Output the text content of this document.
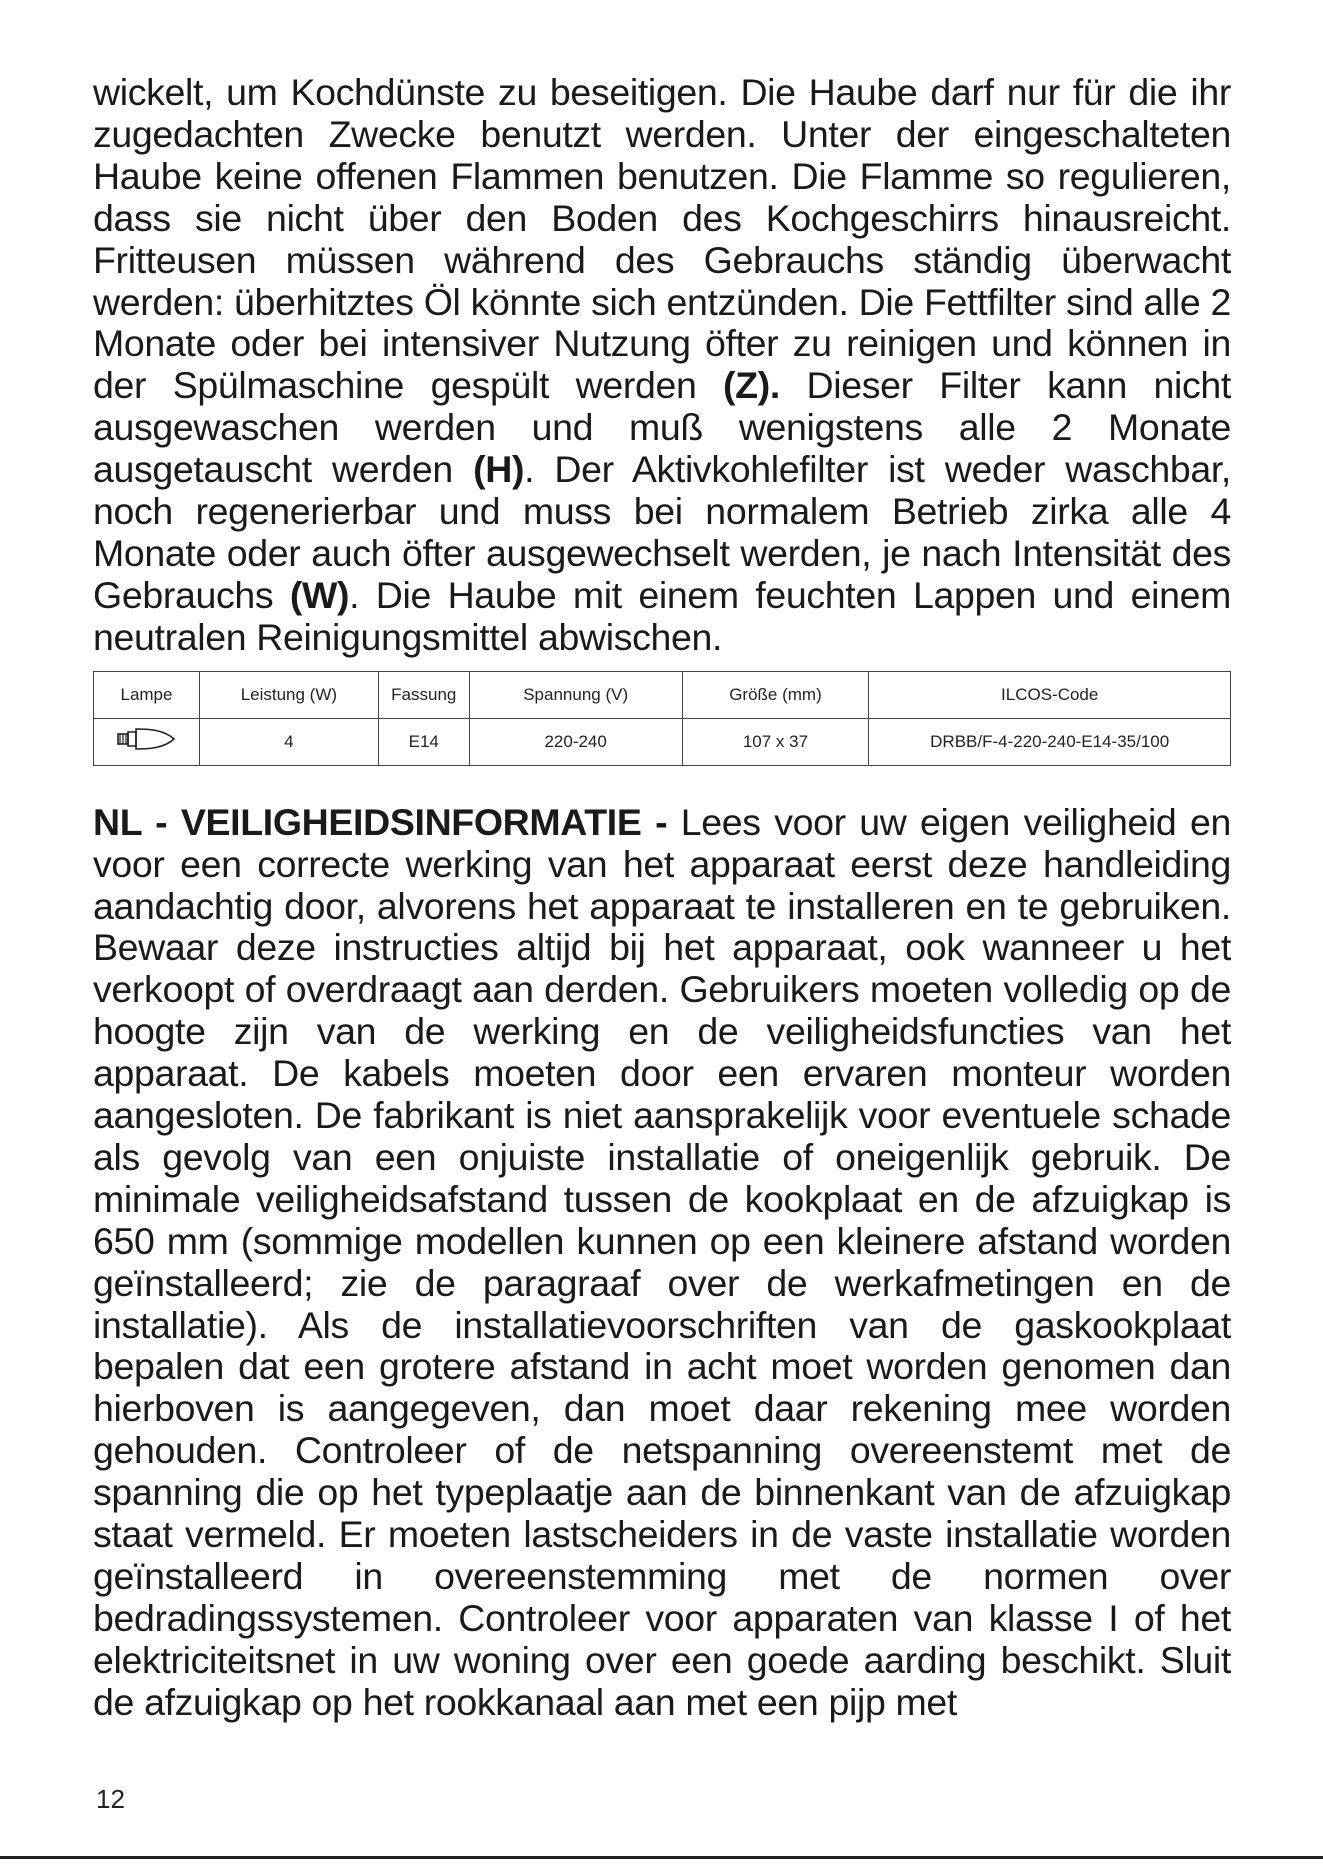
wickelt, um Kochdünste zu beseitigen. Die Haube darf nur für die ihr zugedachten Zwecke benutzt werden. Unter der eingeschalteten Haube keine offenen Flammen benutzen. Die Flamme so regulieren, dass sie nicht über den Boden des Kochgeschirrs hinausreicht. Fritteusen müssen während des Gebrauchs ständig überwacht werden: überhitztes Öl könnte sich entzünden. Die Fettfilter sind alle 2 Monate oder bei intensiver Nutzung öfter zu reinigen und können in der Spülmaschine gespült werden (Z). Dieser Filter kann nicht ausgewaschen werden und muß wenigstens alle 2 Monate ausgetauscht werden (H). Der Aktivkohlefilter ist weder waschbar, noch regenerierbar und muss bei normalem Betrieb zirka alle 4 Monate oder auch öfter ausgewechselt werden, je nach Intensität des Gebrauchs (W). Die Haube mit einem feuchten Lappen und einem neutralen Reinigungsmittel abwischen.

Lampe	Leistung (W)	Fassung	Spannung (V)	Größe (mm)	ILCOS-Code
	4	E14	220-240	107 x 37	DRBB/F-4-220-240-E14-35/100

NL - VEILIGHEIDSINFORMATIE - Lees voor uw eigen veiligheid en voor een correcte werking van het apparaat eerst deze handleiding aandachtig door, alvorens het apparaat te installeren en te gebruiken. Bewaar deze instructies altijd bij het apparaat, ook wanneer u het verkoopt of overdraagt aan derden. Gebruikers moeten volledig op de hoogte zijn van de werking en de veiligheidsfuncties van het apparaat. De kabels moeten door een ervaren monteur worden aangesloten. De fabrikant is niet aansprakelijk voor eventuele schade als gevolg van een onjuiste installatie of oneigenlijk gebruik. De minimale veiligheidsafstand tussen de kookplaat en de afzuigkap is 650 mm (sommige modellen kunnen op een kleinere afstand worden geïnstalleerd; zie de paragraaf over de werkafmetingen en de installatie). Als de installatievoorschriften van de gaskookplaat bepalen dat een grotere afstand in acht moet worden genomen dan hierboven is aangegeven, dan moet daar rekening mee worden gehouden. Controleer of de netspanning overeenstemt met de spanning die op het typeplaatje aan de binnenkant van de afzuigkap staat vermeld. Er moeten lastscheiders in de vaste installatie worden geïnstalleerd in overeenstemming met de normen over bedradingssystemen. Controleer voor apparaten van klasse I of het elektriciteitsnet in uw woning over een goede aarding beschikt. Sluit de afzuigkap op het rookkanaal aan met een pijp met

12
